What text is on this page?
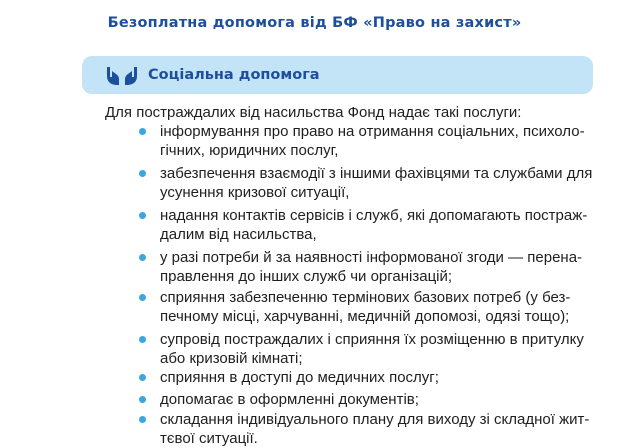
Безоплатна допомога від БФ «Право на захист»
Соціальна допомога
Для постраждалих від насильства Фонд надає такі послуги:
інформування про право на отримання соціальних, психоло-
гічних, юридичних послуг,
забезпечення взаємодії з іншими фахівцями та службами для
усунення кризової ситуації,
надання контактів сервісів і служб, які допомагають постраж-
далим від насильства,
у разі потреби й за наявності інформованої згоди — перена-
правлення до інших служб чи організацій;
сприяння забезпеченню термінових базових потреб (у без-
печному місці, харчуванні, медичній допомозі, одязі тощо);
супровід постраждалих і сприяння їх розміщенню в притулку
або кризовій кімнаті;
сприяння в доступі до медичних послуг;
допомагає в оформленні документів;
складання індивідуального плану для виходу зі складної жит-
тєвої ситуації.
